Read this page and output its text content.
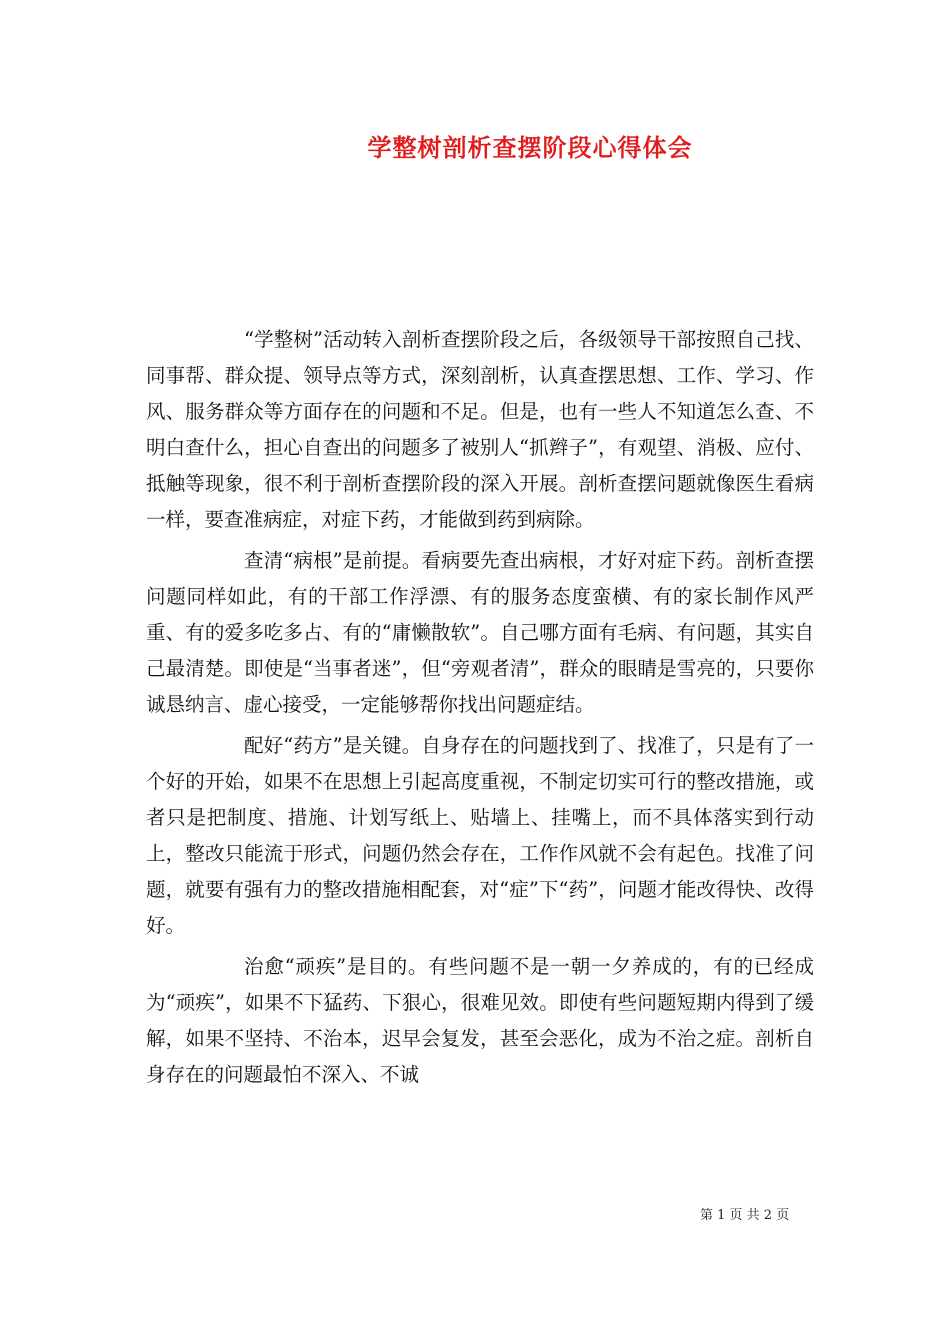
学整树剖析查摆阶段心得体会

“学整树”活动转入剖析查摆阶段之后，各级领导干部按照自己找、同事帮、群众提、领导点等方式，深刻剖析，认真查摆思想、工作、学习、作风、服务群众等方面存在的问题和不足。但是，也有一些人不知道怎么查、不明白查什么，担心自查出的问题多了被别人“抓辫子”，有观望、消极、应付、抵触等现象，很不利于剖析查摆阶段的深入开展。剖析查摆问题就像医生看病一样，要查准病症，对症下药，才能做到药到病除。

查清“病根”是前提。看病要先查出病根，才好对症下药。剖析查摆问题同样如此，有的干部工作浮漂、有的服务态度蛮横、有的家长制作风严重、有的爱多吃多占、有的“庸懒散软”。自己哪方面有毛病、有问题，其实自己最清楚。即使是“当事者迷”，但“旁观者清”，群众的眼睛是雪亮的，只要你诚恳纳言、虚心接受，一定能够帮你找出问题症结。

配好“药方”是关键。自身存在的问题找到了、找准了，只是有了一个好的开始，如果不在思想上引起高度重视，不制定切实可行的整改措施，或者只是把制度、措施、计划写纸上、贴墙上、挂嘴上，而不具体落实到行动上，整改只能流于形式，问题仍然会存在，工作作风就不会有起色。找准了问题，就要有强有力的整改措施相配套，对“症”下“药”，问题才能改得快、改得好。

治愈“顽疾”是目的。有些问题不是一朝一夕养成的，有的已经成为“顽疾”，如果不下猛药、下狠心，很难见效。即使有些问题短期内得到了缓解，如果不坚持、不治本，迟早会复发，甚至会恶化，成为不治之症。剖析自身存在的问题最怕不深入、不诚

第 1 页 共 2 页
